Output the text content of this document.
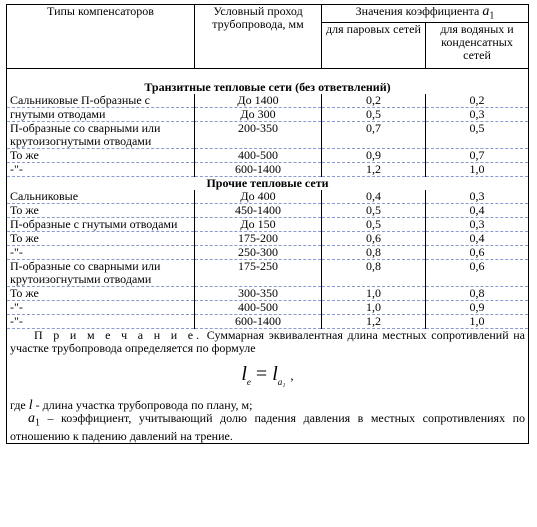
Типы компенсаторов	Условный проход трубопровода, мм	Значения коэффициента $a_1$
		для паровых сетей	для водяных и конденсатных сетей

Транзитные тепловые сети (без ответвлений)			
Сальниковые П-образные с	До 1400	0,2	0,2
гнутыми отводами	До 300	0,5	0,3
П-образные со сварными или крутоизогнутыми отводами	200-350	0,7	0,5
То же	400-500	0,9	0,7
-"-	600-1400	1,2	1,0
Прочие тепловые сети			
Сальниковые	До 400	0,4	0,3
То же	450-1400	0,5	0,4
П-образные с гнутыми отводами	До 150	0,5	0,3
То же	175-200	0,6	0,4
-"-	250-300	0,8	0,6
П-образные со сварными или крутоизогнутыми отводами	175-250	0,8	0,6
То же	300-350	1,0	0,8
-"-	400-500	1,0	0,9
-"-	600-1400	1,2	1,0

П р и м е ч а н и е. Суммарная эквивалентная длина местных сопротивлений на участке трубопровода определяется по формуле

$l_e = l_{a_1}$ ,

где l - длина участка трубопровода по плану, м;

$a_1$ – коэффициент, учитывающий долю падения давления в местных сопротивлениях по отношению к падению давлений на трение.			
